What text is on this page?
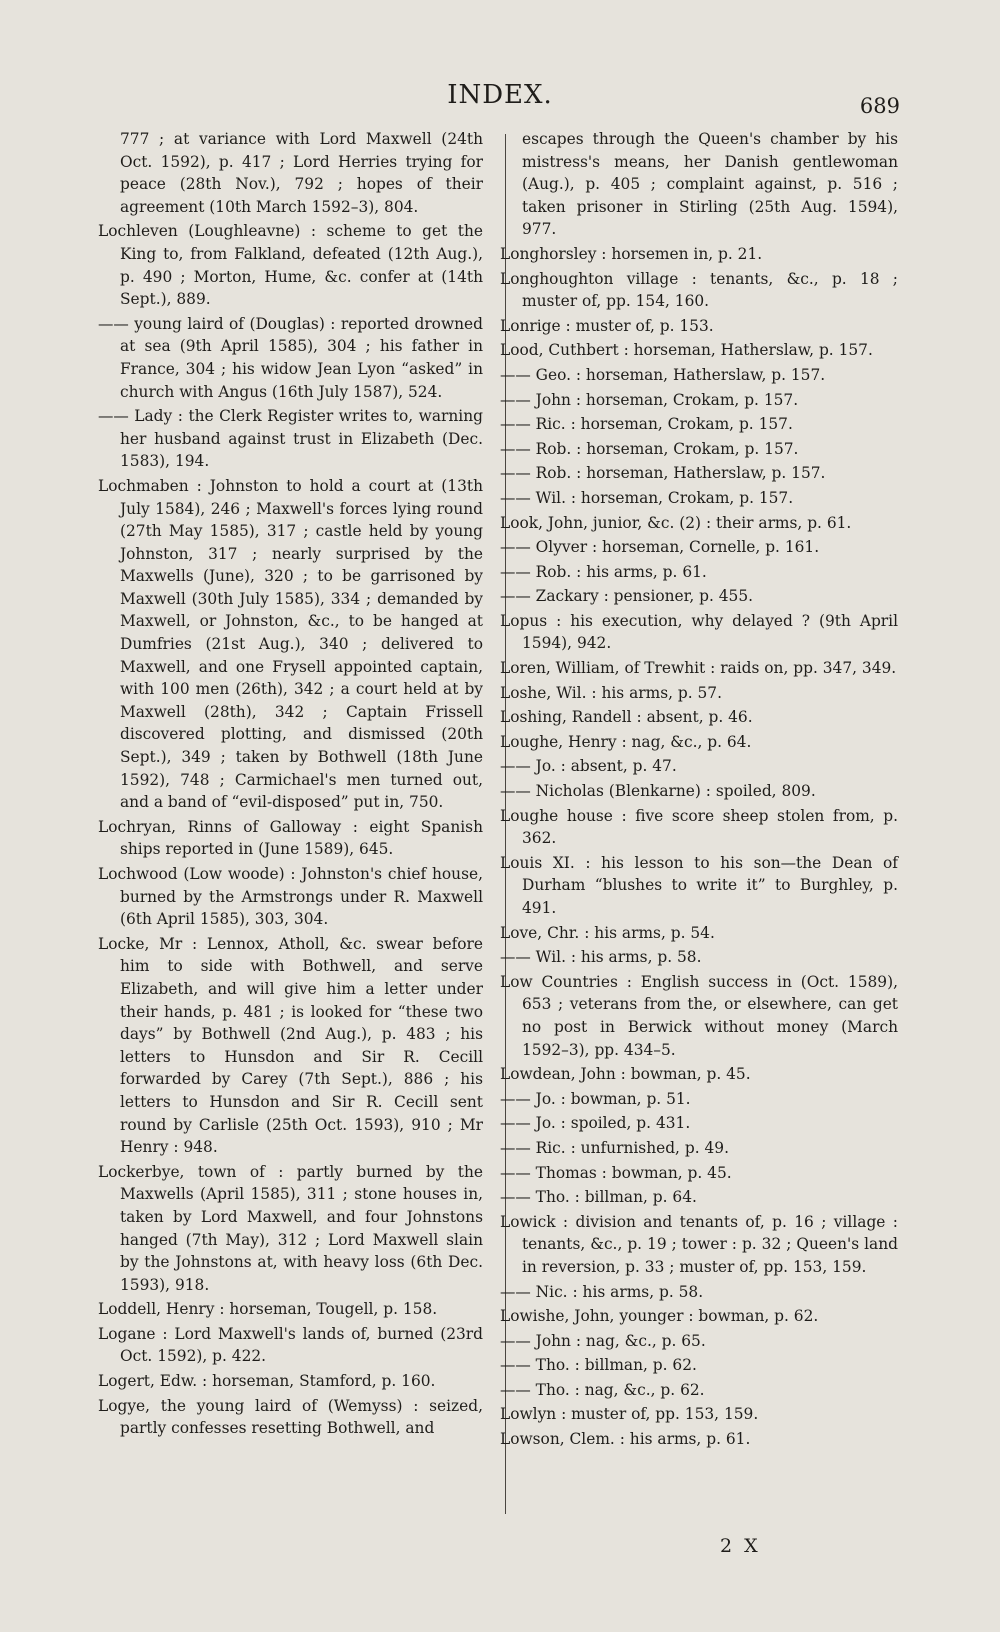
INDEX.	689

777 ; at variance with Lord Maxwell (24th Oct. 1592), p. 417 ; Lord Herries trying for peace (28th Nov.), 792 ; hopes of their agreement (10th March 1592–3), 804.

Lochleven (Loughleavne) : scheme to get the King to, from Falkland, defeated (12th Aug.), p. 490 ; Morton, Hume, &c. confer at (14th Sept.), 889.

—— young laird of (Douglas) : reported drowned at sea (9th April 1585), 304 ; his father in France, 304 ; his widow Jean Lyon “asked” in church with Angus (16th July 1587), 524.

—— Lady : the Clerk Register writes to, warning her husband against trust in Elizabeth (Dec. 1583), 194.

Lochmaben : Johnston to hold a court at (13th July 1584), 246 ; Maxwell's forces lying round (27th May 1585), 317 ; castle held by young Johnston, 317 ; nearly surprised by the Maxwells (June), 320 ; to be garrisoned by Maxwell (30th July 1585), 334 ; demanded by Maxwell, or Johnston, &c., to be hanged at Dumfries (21st Aug.), 340 ; delivered to Maxwell, and one Frysell appointed captain, with 100 men (26th), 342 ; a court held at by Maxwell (28th), 342 ; Captain Frissell discovered plotting, and dismissed (20th Sept.), 349 ; taken by Bothwell (18th June 1592), 748 ; Carmichael's men turned out, and a band of “evil-disposed” put in, 750.

Lochryan, Rinns of Galloway : eight Spanish ships reported in (June 1589), 645.

Lochwood (Low woode) : Johnston's chief house, burned by the Armstrongs under R. Maxwell (6th April 1585), 303, 304.

Locke, Mr : Lennox, Atholl, &c. swear before him to side with Bothwell, and serve Elizabeth, and will give him a letter under their hands, p. 481 ; is looked for “these two days” by Bothwell (2nd Aug.), p. 483 ; his letters to Hunsdon and Sir R. Cecill forwarded by Carey (7th Sept.), 886 ; his letters to Hunsdon and Sir R. Cecill sent round by Carlisle (25th Oct. 1593), 910 ; Mr Henry : 948.

Lockerbye, town of : partly burned by the Maxwells (April 1585), 311 ; stone houses in, taken by Lord Maxwell, and four Johnstons hanged (7th May), 312 ; Lord Maxwell slain by the Johnstons at, with heavy loss (6th Dec. 1593), 918.

Loddell, Henry : horseman, Tougell, p. 158.

Logane : Lord Maxwell's lands of, burned (23rd Oct. 1592), p. 422.

Logert, Edw. : horseman, Stamford, p. 160.

Logye, the young laird of (Wemyss) : seized, partly confesses resetting Bothwell, and

escapes through the Queen's chamber by his mistress's means, her Danish gentlewoman (Aug.), p. 405 ; complaint against, p. 516 ; taken prisoner in Stirling (25th Aug. 1594), 977.

Longhorsley : horsemen in, p. 21.

Longhoughton village : tenants, &c., p. 18 ; muster of, pp. 154, 160.

Lonrige : muster of, p. 153.

Lood, Cuthbert : horseman, Hatherslaw, p. 157.

—— Geo. : horseman, Hatherslaw, p. 157.

—— John : horseman, Crokam, p. 157.

—— Ric. : horseman, Crokam, p. 157.

—— Rob. : horseman, Crokam, p. 157.

—— Rob. : horseman, Hatherslaw, p. 157.

—— Wil. : horseman, Crokam, p. 157.

Look, John, junior, &c. (2) : their arms, p. 61.

—— Olyver : horseman, Cornelle, p. 161.

—— Rob. : his arms, p. 61.

—— Zackary : pensioner, p. 455.

Lopus : his execution, why delayed ? (9th April 1594), 942.

Loren, William, of Trewhit : raids on, pp. 347, 349.

Loshe, Wil. : his arms, p. 57.

Loshing, Randell : absent, p. 46.

Loughe, Henry : nag, &c., p. 64.

—— Jo. : absent, p. 47.

—— Nicholas (Blenkarne) : spoiled, 809.

Loughe house : five score sheep stolen from, p. 362.

Louis XI. : his lesson to his son—the Dean of Durham “blushes to write it” to Burghley, p. 491.

Love, Chr. : his arms, p. 54.

—— Wil. : his arms, p. 58.

Low Countries : English success in (Oct. 1589), 653 ; veterans from the, or elsewhere, can get no post in Berwick without money (March 1592–3), pp. 434–5.

Lowdean, John : bowman, p. 45.

—— Jo. : bowman, p. 51.

—— Jo. : spoiled, p. 431.

—— Ric. : unfurnished, p. 49.

—— Thomas : bowman, p. 45.

—— Tho. : billman, p. 64.

Lowick : division and tenants of, p. 16 ; village : tenants, &c., p. 19 ; tower : p. 32 ; Queen's land in reversion, p. 33 ; muster of, pp. 153, 159.

—— Nic. : his arms, p. 58.

Lowishe, John, younger : bowman, p. 62.

—— John : nag, &c., p. 65.

—— Tho. : billman, p. 62.

—— Tho. : nag, &c., p. 62.

Lowlyn : muster of, pp. 153, 159.

Lowson, Clem. : his arms, p. 61.

2 X
